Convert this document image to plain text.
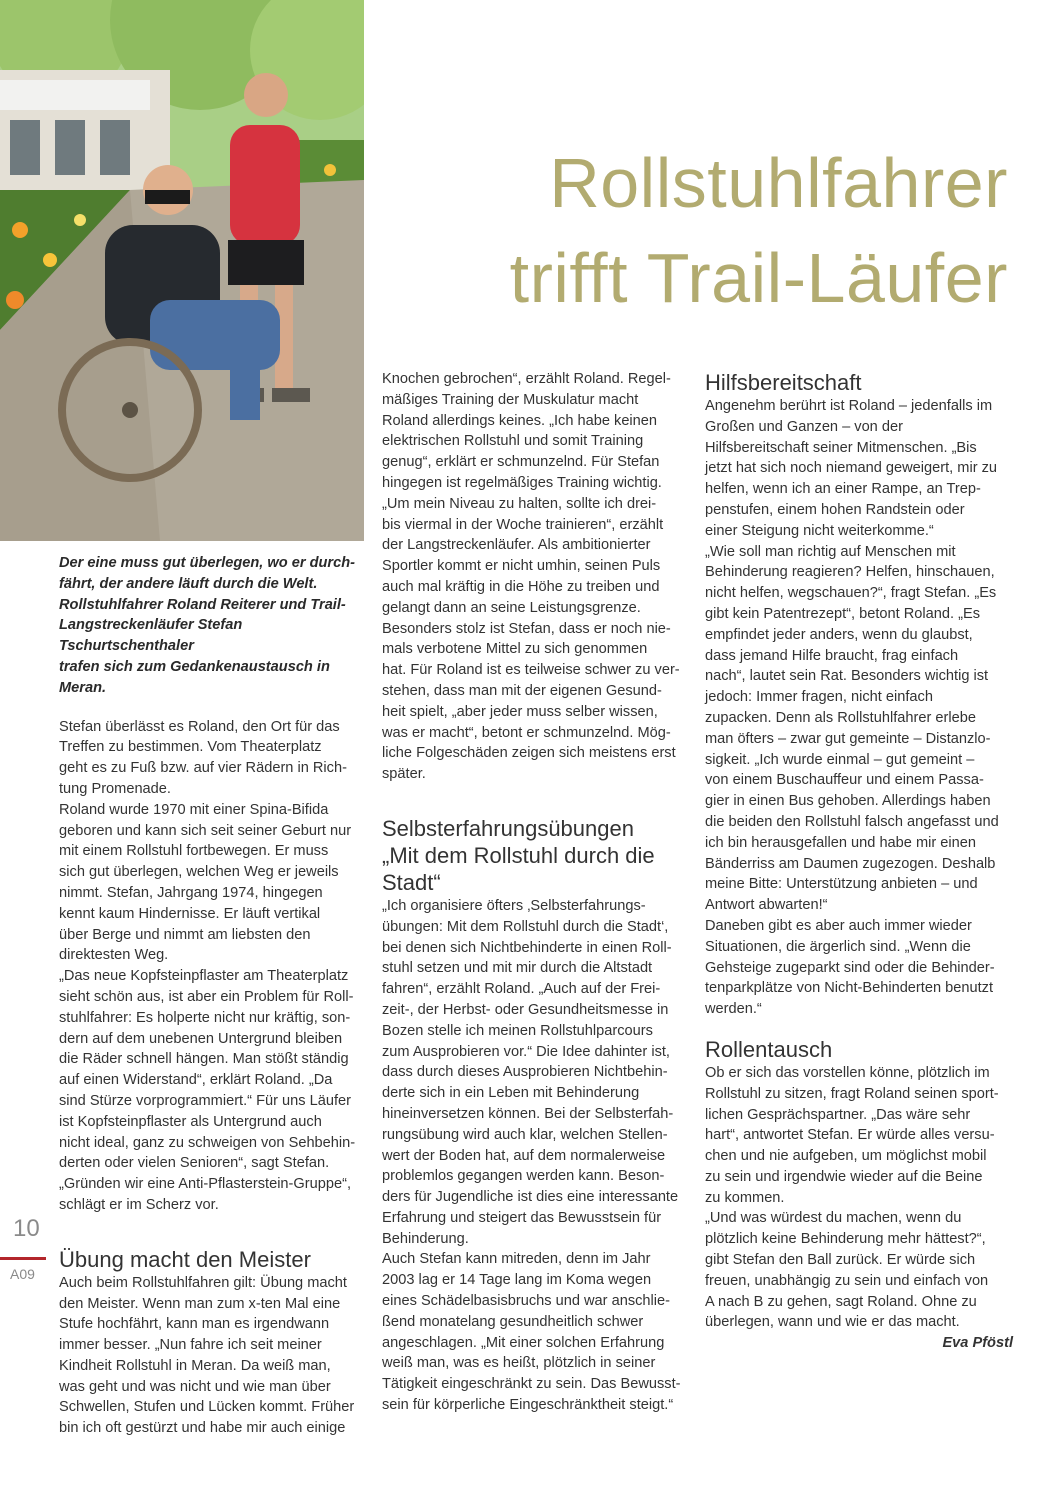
Rollstuhlfahrer
trifft Trail-Läufer

Der eine muss gut überlegen, wo er durch-
fährt, der andere läuft durch die Welt.
Rollstuhlfahrer Roland Reiterer und Trail-
Langstreckenläufer Stefan Tschurtschenthaler
trafen sich zum Gedankenaustausch in
Meran.

Stefan überlässt es Roland, den Ort für das
Treffen zu bestimmen. Vom Theaterplatz
geht es zu Fuß bzw. auf vier Rädern in Rich-
tung Promenade.

Roland wurde 1970 mit einer Spina-Bifida
geboren und kann sich seit seiner Geburt nur
mit einem Rollstuhl fortbewegen. Er muss
sich gut überlegen, welchen Weg er jeweils
nimmt. Stefan, Jahrgang 1974, hingegen
kennt kaum Hindernisse. Er läuft vertikal
über Berge und nimmt am liebsten den
direktesten Weg.

„Das neue Kopfsteinpflaster am Theaterplatz
sieht schön aus, ist aber ein Problem für Roll-
stuhlfahrer: Es holperte nicht nur kräftig, son-
dern auf dem unebenen Untergrund bleiben
die Räder schnell hängen. Man stößt ständig
auf einen Widerstand“, erklärt Roland. „Da
sind Stürze vorprogrammiert.“ Für uns Läufer
ist Kopfsteinpflaster als Untergrund auch
nicht ideal, ganz zu schweigen von Sehbehin-
derten oder vielen Senioren“, sagt Stefan.
„Gründen wir eine Anti-Pflasterstein-Gruppe“,
schlägt er im Scherz vor.

Übung macht den Meister

Auch beim Rollstuhlfahren gilt: Übung macht
den Meister. Wenn man zum x-ten Mal eine
Stufe hochfährt, kann man es irgendwann
immer besser. „Nun fahre ich seit meiner
Kindheit Rollstuhl in Meran. Da weiß man,
was geht und was nicht und wie man über
Schwellen, Stufen und Lücken kommt. Früher
bin ich oft gestürzt und habe mir auch einige

Knochen gebrochen“, erzählt Roland. Regel-
mäßiges Training der Muskulatur macht
Roland allerdings keines. „Ich habe keinen
elektrischen Rollstuhl und somit Training
genug“, erklärt er schmunzelnd. Für Stefan
hingegen ist regelmäßiges Training wichtig.
„Um mein Niveau zu halten, sollte ich drei-
bis viermal in der Woche trainieren“, erzählt
der Langstreckenläufer. Als ambitionierter
Sportler kommt er nicht umhin, seinen Puls
auch mal kräftig in die Höhe zu treiben und
gelangt dann an seine Leistungsgrenze.
Besonders stolz ist Stefan, dass er noch nie-
mals verbotene Mittel zu sich genommen
hat. Für Roland ist es teilweise schwer zu ver-
stehen, dass man mit der eigenen Gesund-
heit spielt, „aber jeder muss selber wissen,
was er macht“, betont er schmunzelnd. Mög-
liche Folgeschäden zeigen sich meistens erst
später.

Selbsterfahrungsübungen
„Mit dem Rollstuhl durch die
Stadt“

„Ich organisiere öfters ‚Selbsterfahrungs-
übungen: Mit dem Rollstuhl durch die Stadt‘,
bei denen sich Nichtbehinderte in einen Roll-
stuhl setzen und mit mir durch die Altstadt
fahren“, erzählt Roland. „Auch auf der Frei-
zeit-, der Herbst- oder Gesundheitsmesse in
Bozen stelle ich meinen Rollstuhlparcours
zum Ausprobieren vor.“ Die Idee dahinter ist,
dass durch dieses Ausprobieren Nichtbehin-
derte sich in ein Leben mit Behinderung
hineinversetzen können. Bei der Selbsterfah-
rungsübung wird auch klar, welchen Stellen-
wert der Boden hat, auf dem normalerweise
problemlos gegangen werden kann. Beson-
ders für Jugendliche ist dies eine interessante
Erfahrung und steigert das Bewusstsein für
Behinderung.

Auch Stefan kann mitreden, denn im Jahr
2003 lag er 14 Tage lang im Koma wegen
eines Schädelbasisbruchs und war anschlie-
ßend monatelang gesundheitlich schwer
angeschlagen. „Mit einer solchen Erfahrung
weiß man, was es heißt, plötzlich in seiner
Tätigkeit eingeschränkt zu sein. Das Bewusst-
sein für körperliche Eingeschränktheit steigt.“

Hilfsbereitschaft

Angenehm berührt ist Roland – jedenfalls im
Großen und Ganzen – von der
Hilfsbereitschaft seiner Mitmenschen. „Bis
jetzt hat sich noch niemand geweigert, mir zu
helfen, wenn ich an einer Rampe, an Trep-
penstufen, einem hohen Randstein oder
einer Steigung nicht weiterkomme.“

„Wie soll man richtig auf Menschen mit
Behinderung reagieren? Helfen, hinschauen,
nicht helfen, wegschauen?“, fragt Stefan. „Es
gibt kein Patentrezept“, betont Roland. „Es
empfindet jeder anders, wenn du glaubst,
dass jemand Hilfe braucht, frag einfach
nach“, lautet sein Rat. Besonders wichtig ist
jedoch: Immer fragen, nicht einfach
zupacken. Denn als Rollstuhlfahrer erlebe
man öfters – zwar gut gemeinte – Distanzlo-
sigkeit. „Ich wurde einmal – gut gemeint –
von einem Buschauffeur und einem Passa-
gier in einen Bus gehoben. Allerdings haben
die beiden den Rollstuhl falsch angefasst und
ich bin herausgefallen und habe mir einen
Bänderriss am Daumen zugezogen. Deshalb
meine Bitte: Unterstützung anbieten – und
Antwort abwarten!“

Daneben gibt es aber auch immer wieder
Situationen, die ärgerlich sind. „Wenn die
Gehsteige zugeparkt sind oder die Behinder-
tenparkplätze von Nicht-Behinderten benutzt
werden.“

Rollentausch

Ob er sich das vorstellen könne, plötzlich im
Rollstuhl zu sitzen, fragt Roland seinen sport-
lichen Gesprächspartner. „Das wäre sehr
hart“, antwortet Stefan. Er würde alles versu-
chen und nie aufgeben, um möglichst mobil
zu sein und irgendwie wieder auf die Beine
zu kommen.

„Und was würdest du machen, wenn du
plötzlich keine Behinderung mehr hättest?“,
gibt Stefan den Ball zurück. Er würde sich
freuen, unabhängig zu sein und einfach von
A nach B zu gehen, sagt Roland. Ohne zu
überlegen, wann und wie er das macht.

Eva Pföstl

10
A09
